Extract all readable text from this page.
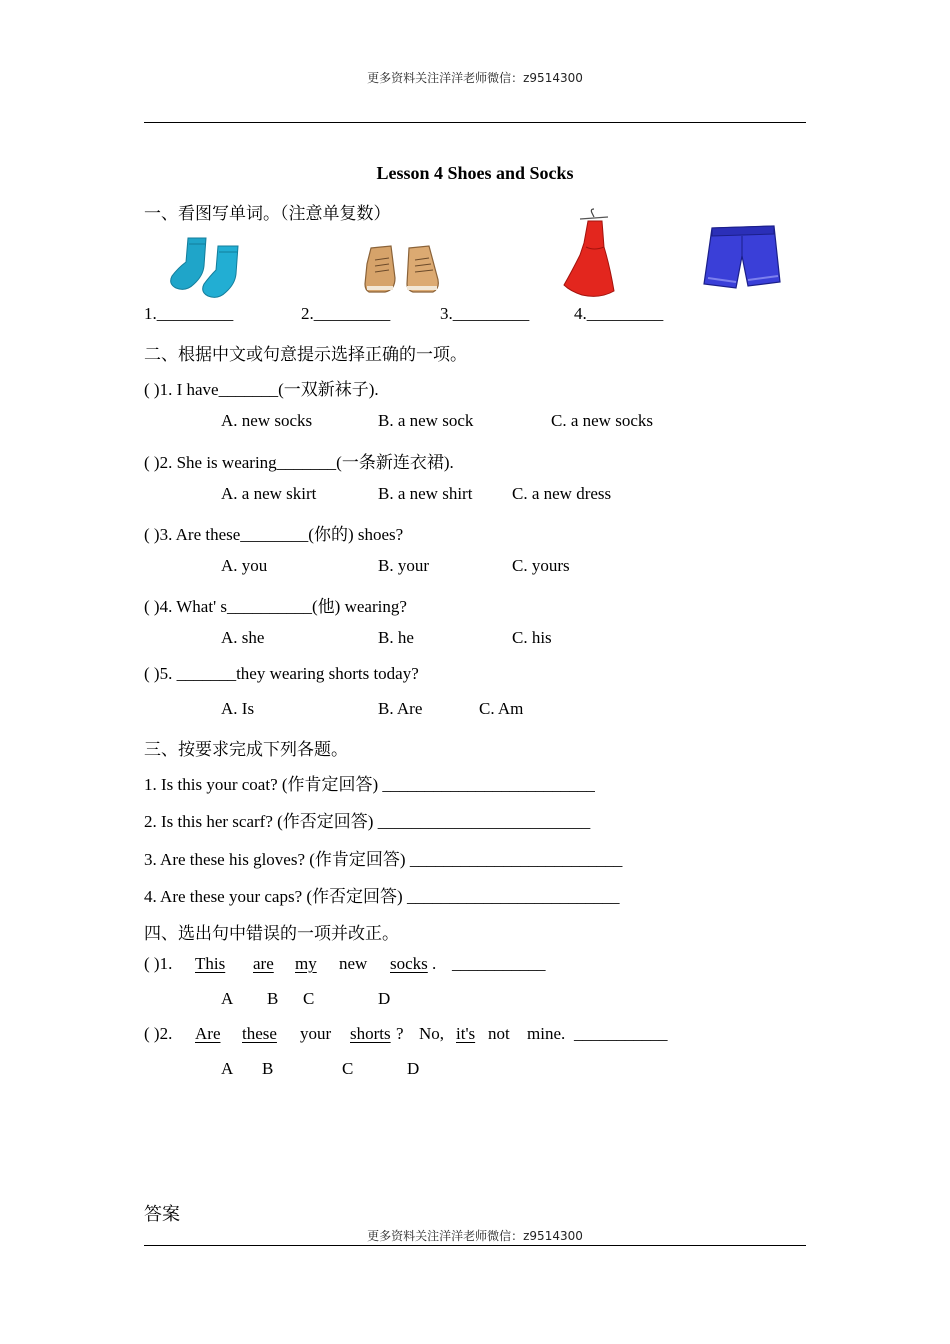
更多资料关注洋洋老师微信：z9514300
Lesson 4 Shoes and Socks
一、看图写单词。（注意单复数）
1._________	2._________	3._________	4._________
二、根据中文或句意提示选择正确的一项。
( )1. I have_______(一双新袜子).
A. new socks	B. a new sock	C. a new socks
( )2. She is wearing_______(一条新连衣裙).
A. a new skirt	B. a new shirt C. a new dress
( )3. Are these________(你的) shoes?
A. you	B. your	C. yours
( )4. What' s__________(他) wearing?
A. she	B. he	C. his
( )5. _______they wearing shorts today?
A. Is	B. Are	C. Am
三、按要求完成下列各题。
1. Is this your coat? (作肯定回答) _________________________
2. Is this her scarf? (作否定回答) _________________________
3. Are these his gloves? (作肯定回答) _________________________
4. Are these your caps? (作否定回答) _________________________
四、选出句中错误的一项并改正。
( )1. This are my new socks . ___________
A B C	D
( )2. Are these your shorts ? No, it's not mine. ___________
A B	C	D
答案
更多资料关注洋洋老师微信：z9514300
